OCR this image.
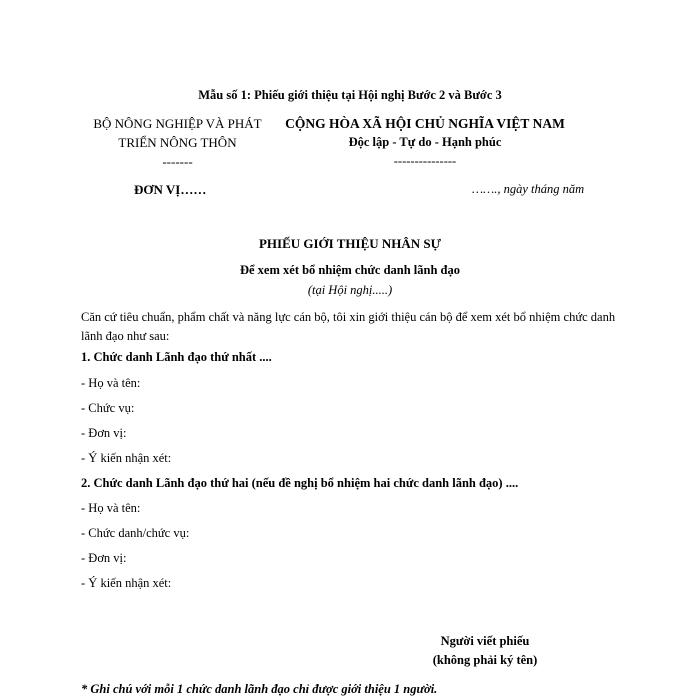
Mẫu số 1: Phiếu giới thiệu tại Hội nghị Bước 2 và Bước 3
BỘ NÔNG NGHIỆP VÀ PHÁT
TRIỂN NÔNG THÔN
-------
CỘNG HÒA XÃ HỘI CHỦ NGHĨA VIỆT NAM
Độc lập - Tự do - Hạnh phúc
---------------
ĐƠN VỊ……	……., ngày tháng năm
PHIẾU GIỚI THIỆU NHÂN SỰ
Để xem xét bổ nhiệm chức danh lãnh đạo
(tại Hội nghị.....)
Căn cứ tiêu chuẩn, phẩm chất và năng lực cán bộ, tôi xin giới thiệu cán bộ để xem xét bổ nhiệm chức danh lãnh đạo như sau:
1. Chức danh Lãnh đạo thứ nhất ....
- Họ và tên:
- Chức vụ:
- Đơn vị:
- Ý kiến nhận xét:
2. Chức danh Lãnh đạo thứ hai (nếu đề nghị bổ nhiệm hai chức danh lãnh đạo) ....
- Họ và tên:
- Chức danh/chức vụ:
- Đơn vị:
- Ý kiến nhận xét:
Người viết phiếu
(không phải ký tên)
* Ghi chú với mỗi 1 chức danh lãnh đạo chỉ được giới thiệu 1 người.
